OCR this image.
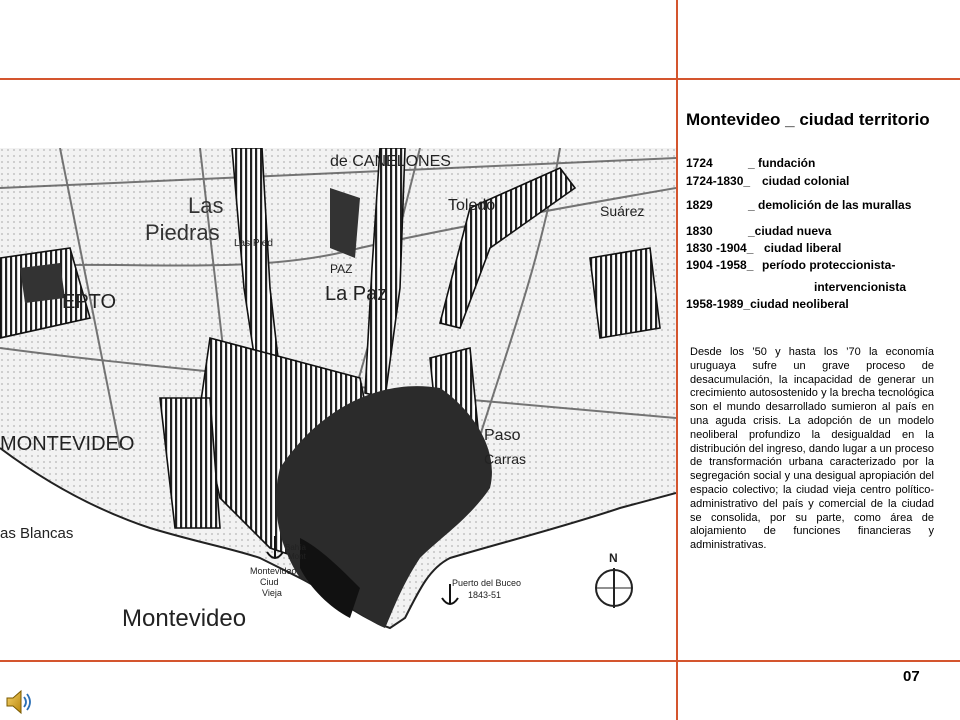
de CANELONES
Las
Piedras Las Pied
Toledo	Suárez
PAZ
La Paz
EPTO
MONTEVIDEO
as Blancas
Paso
Carras
Montevideo
Ciud
Vieja
Bahía
Mont
Puerto del Buceo
1843-51
Montevideo
N
Montevideo _ ciudad territorio
1724	_ fundación
1724-1830_ ciudad colonial
1829	_ demolición de las murallas
1830	_ciudad nueva
1830 -1904_ ciudad liberal
1904 -1958_ período proteccionista-
intervencionista
1958-1989_ciudad neoliberal
Desde los ’50 y hasta los ’70 la economía uruguaya sufre un grave proceso de desacumulación, la incapacidad de generar un crecimiento autosostenido y la brecha tecnológica son el mundo desarrollado sumieron al país en una aguda crisis. La adopción de un modelo neoliberal profundizo la desigualdad en la distribución del ingreso, dando lugar a un proceso de transformación urbana caracterizado por la segregación social y una desigual apropiación del espacio colectivo; la ciudad vieja centro político-administrativo del país y comercial de la ciudad se consolida, por su parte, como área de alojamiento de funciones financieras y administrativas.
07
